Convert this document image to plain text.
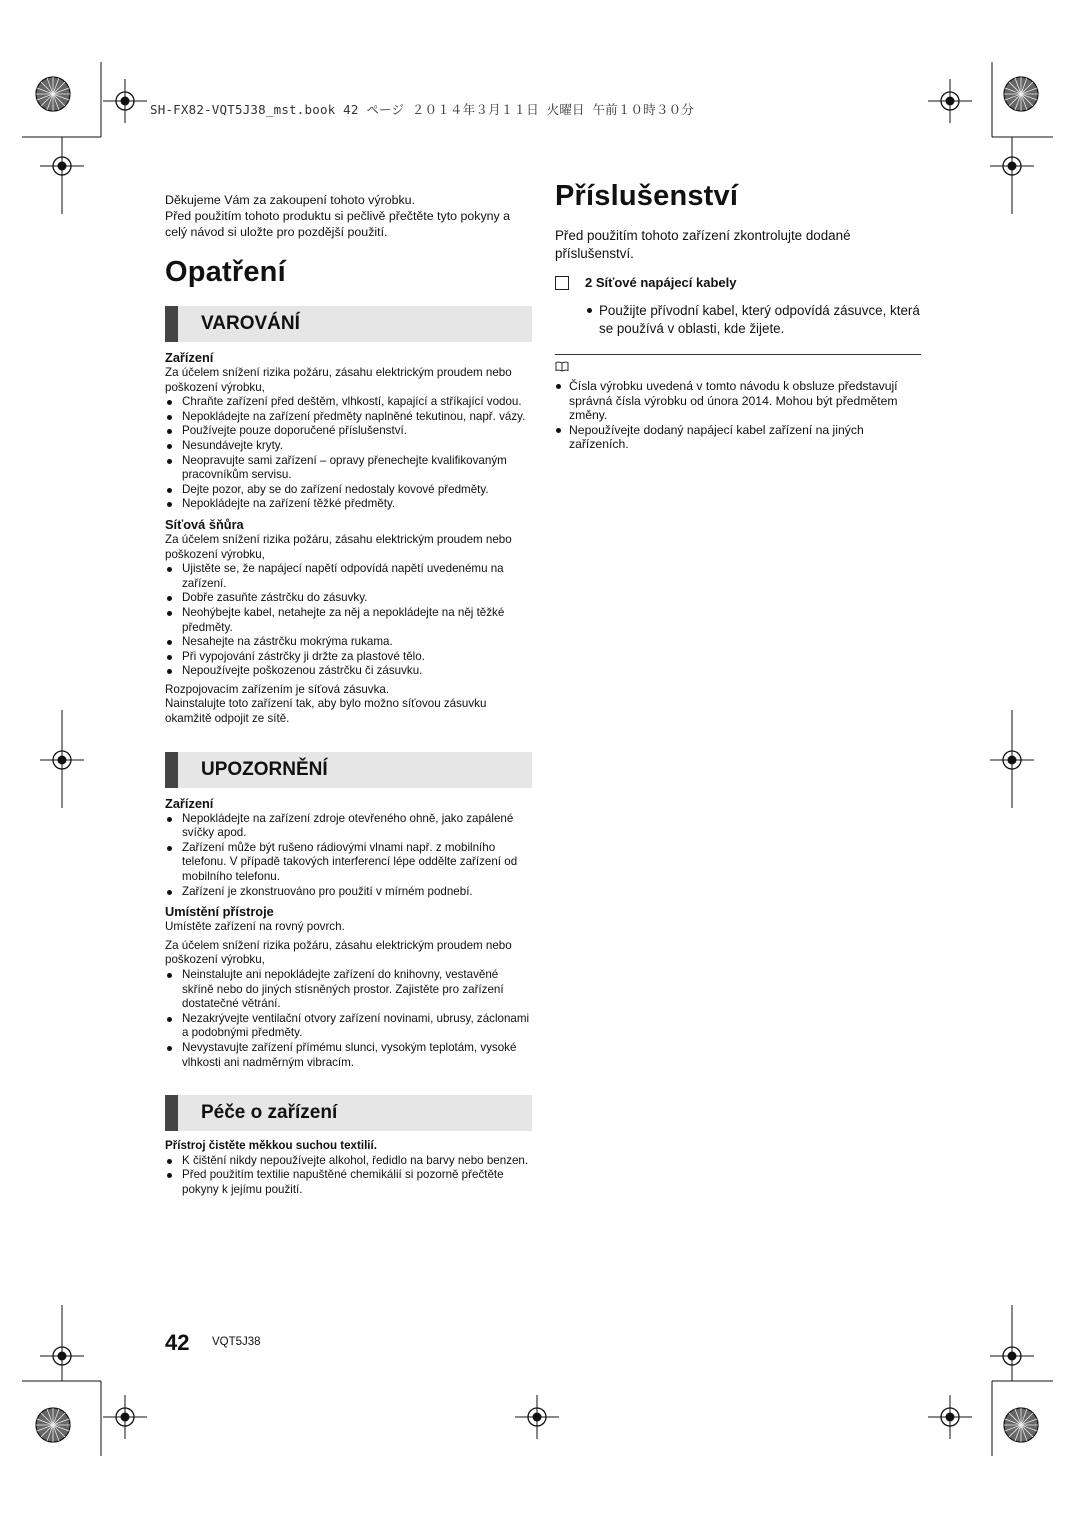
SH-FX82-VQT5J38_mst.book 42 ページ ２０１４年３月１１日 火曜日 午前１０時３０分

Děkujeme Vám za zakoupení tohoto výrobku.

Před použitím tohoto produktu si pečlivě přečtěte tyto pokyny a celý návod si uložte pro pozdější použití.

Opatření
VAROVÁNÍ

Zařízení

Za účelem snížení rizika požáru, zásahu elektrickým proudem nebo poškození výrobku,

Chraňte zařízení před deštěm, vlhkostí, kapající a stříkající vodou.
Nepokládejte na zařízení předměty naplněné tekutinou, např. vázy.
Používejte pouze doporučené příslušenství.
Nesundávejte kryty.
Neopravujte sami zařízení – opravy přenechejte kvalifikovaným pracovníkům servisu.
Dejte pozor, aby se do zařízení nedostaly kovové předměty.
Nepokládejte na zařízení těžké předměty.

Síťová šňůra

Za účelem snížení rizika požáru, zásahu elektrickým proudem nebo poškození výrobku,

Ujistěte se, že napájecí napětí odpovídá napětí uvedenému na zařízení.
Dobře zasuňte zástrčku do zásuvky.
Neohýbejte kabel, netahejte za něj a nepokládejte na něj těžké předměty.
Nesahejte na zástrčku mokrýma rukama.
Při vypojování zástrčky ji držte za plastové tělo.
Nepoužívejte poškozenou zástrčku či zásuvku.

Rozpojovacím zařízením je síťová zásuvka.

Nainstalujte toto zařízení tak, aby bylo možno síťovou zásuvku okamžitě odpojit ze sítě.

UPOZORNĚNÍ

Zařízení

Nepokládejte na zařízení zdroje otevřeného ohně, jako zapálené svíčky apod.
Zařízení může být rušeno rádiovými vlnami např. z mobilního telefonu. V případě takových interferencí lépe oddělte zařízení od mobilního telefonu.
Zařízení je zkonstruováno pro použití v mírném podnebí.

Umístění přístroje

Umístěte zařízení na rovný povrch.

Za účelem snížení rizika požáru, zásahu elektrickým proudem nebo poškození výrobku,

Neinstalujte ani nepokládejte zařízení do knihovny, vestavěné skříně nebo do jiných stísněných prostor. Zajistěte pro zařízení dostatečné větrání.
Nezakrývejte ventilační otvory zařízení novinami, ubrusy, záclonami a podobnými předměty.
Nevystavujte zařízení přímému slunci, vysokým teplotám, vysoké vlhkosti ani nadměrným vibracím.
Péče o zařízení

Přístroj čistěte měkkou suchou textilií.

K čištění nikdy nepoužívejte alkohol, ředidlo na barvy nebo benzen.
Před použitím textilie napuštěné chemikálií si pozorně přečtěte pokyny k jejímu použití.
Příslušenství

Před použitím tohoto zařízení zkontrolujte dodané příslušenství.

2 Síťové napájecí kabely
Použijte přívodní kabel, který odpovídá zásuvce, která se používá v oblasti, kde žijete.
Čísla výrobku uvedená v tomto návodu k obsluze představují správná čísla výrobku od února 2014. Mohou být předmětem změny.
Nepoužívejte dodaný napájecí kabel zařízení na jiných zařízeních.
42 VQT5J38
